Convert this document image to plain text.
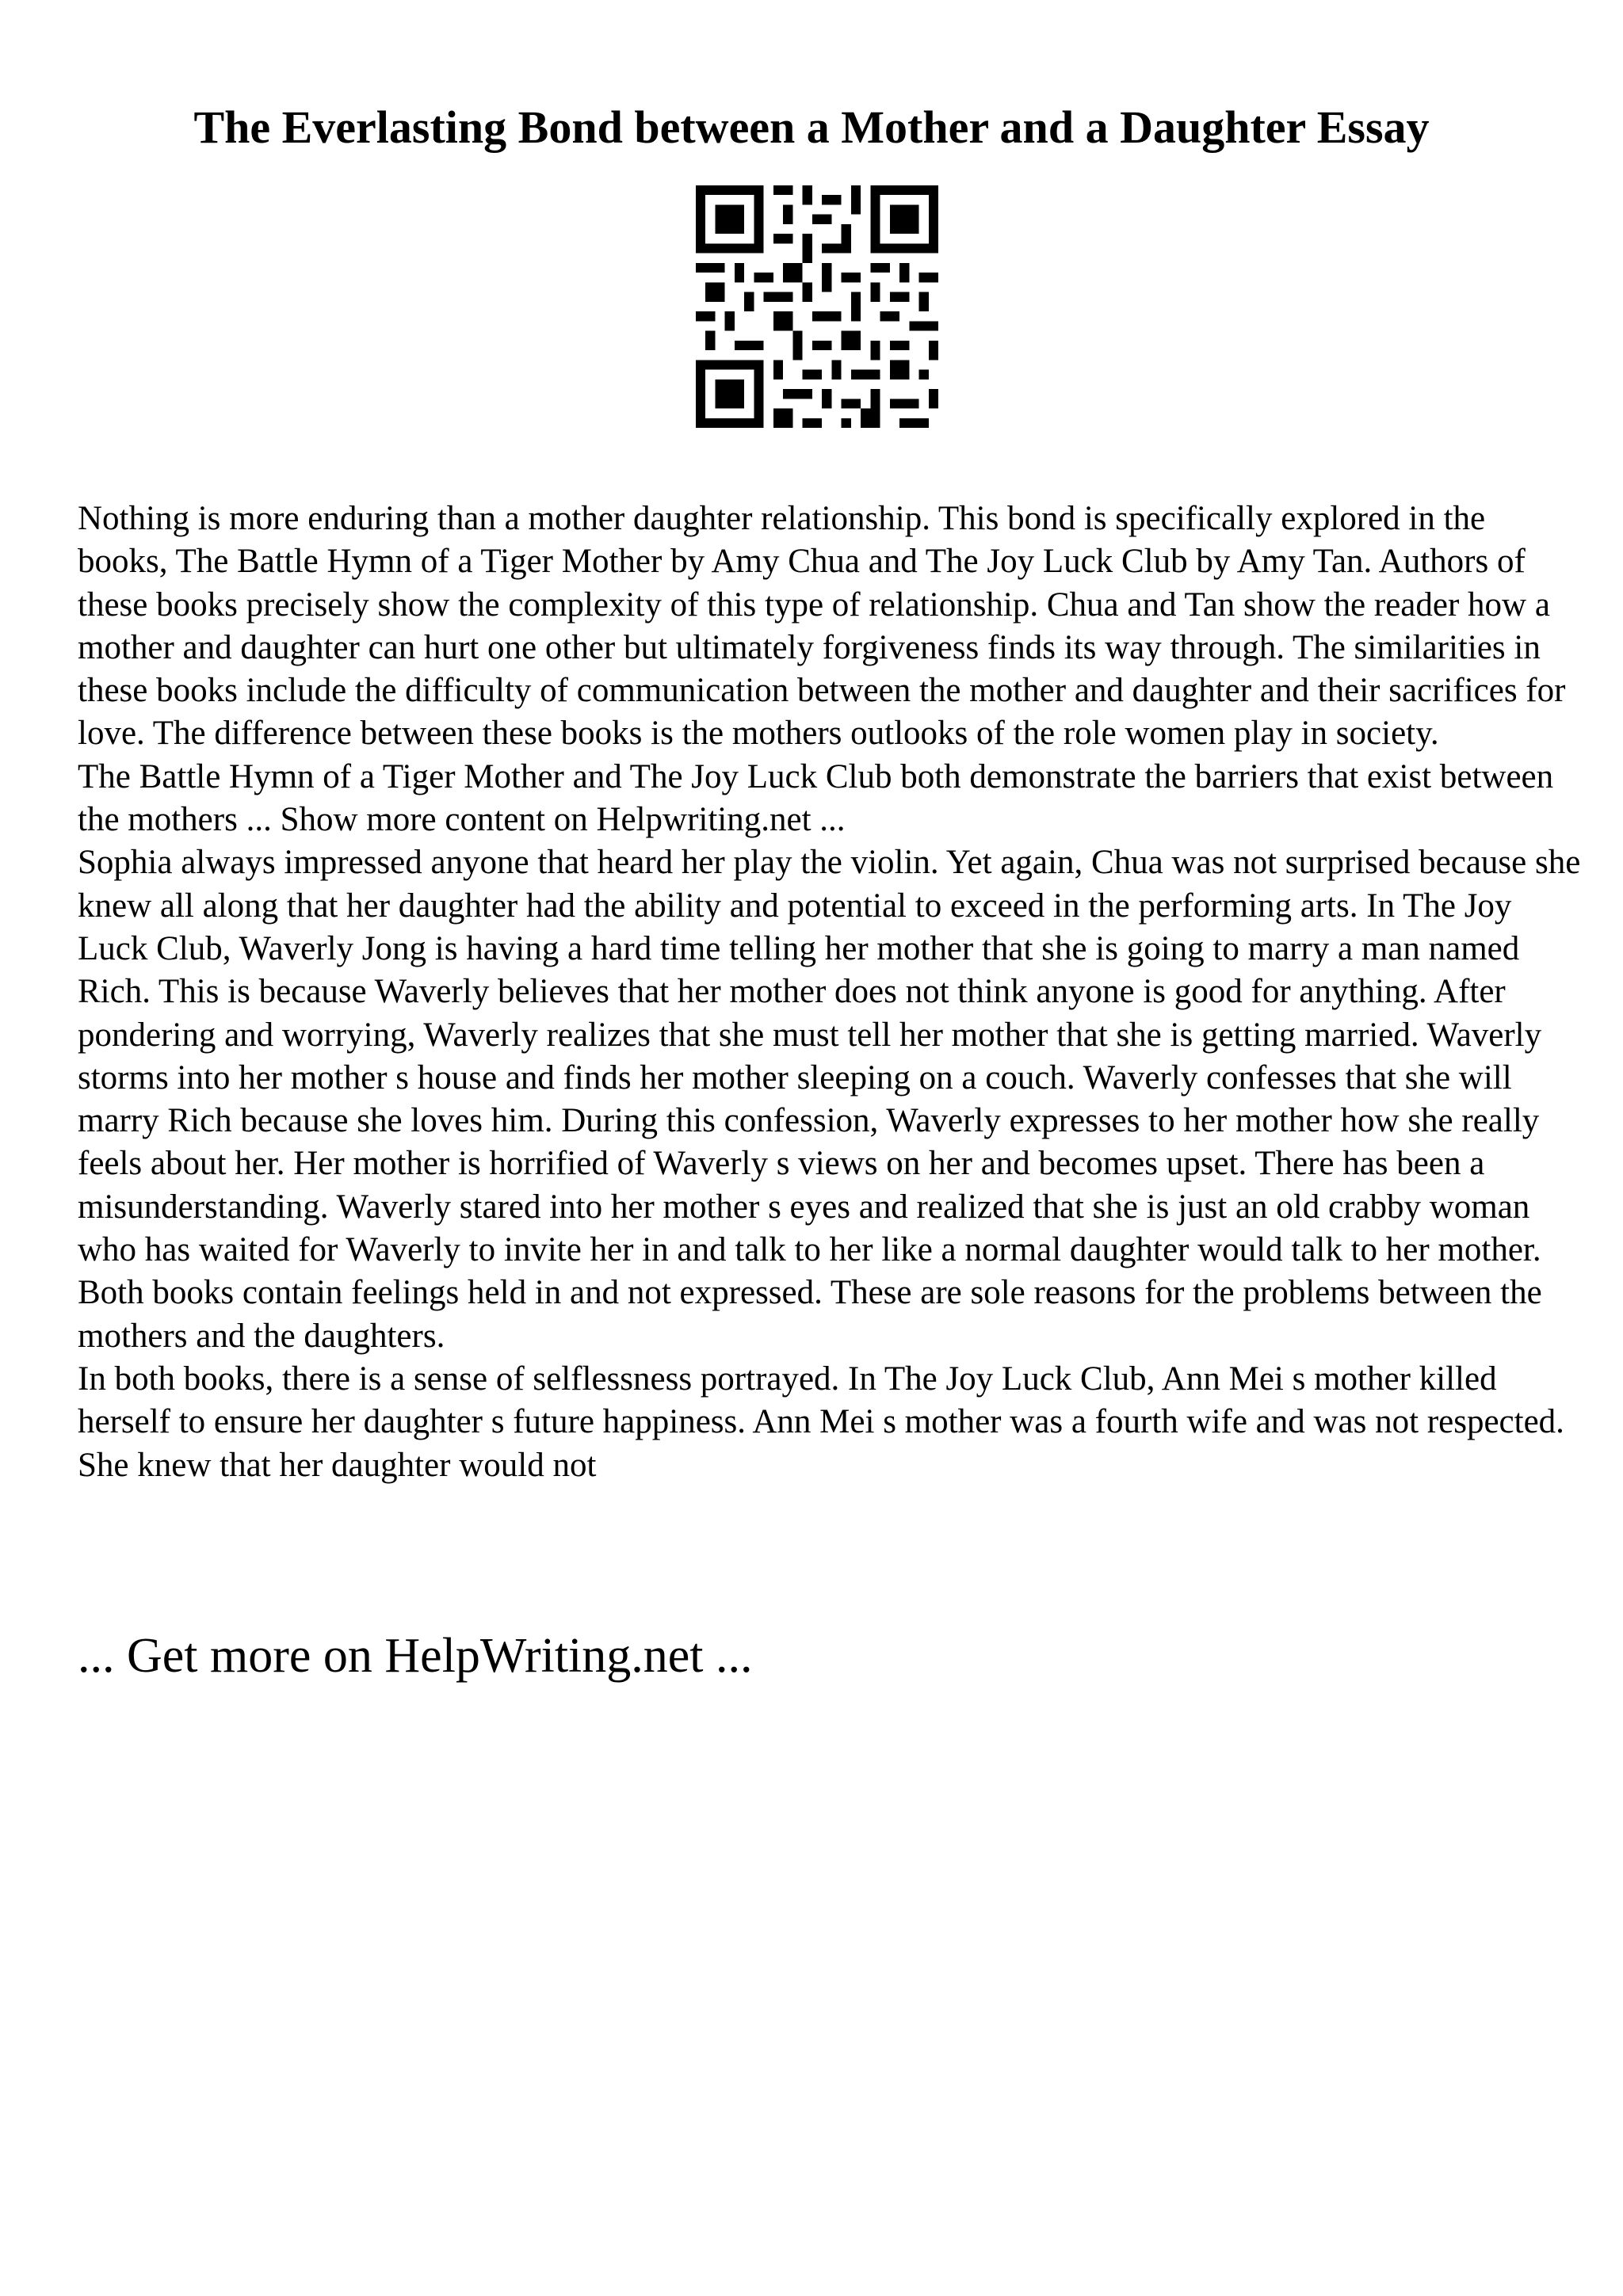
The Everlasting Bond between a Mother and a Daughter Essay

Nothing is more enduring than a mother daughter relationship. This bond is specifically explored in the books, The Battle Hymn of a Tiger Mother by Amy Chua and The Joy Luck Club by Amy Tan. Authors of these books precisely show the complexity of this type of relationship. Chua and Tan show the reader how a mother and daughter can hurt one other but ultimately forgiveness finds its way through. The similarities in these books include the difficulty of communication between the mother and daughter and their sacrifices for love. The difference between these books is the mothers outlooks of the role women play in society.

The Battle Hymn of a Tiger Mother and The Joy Luck Club both demonstrate the barriers that exist between the mothers ... Show more content on Helpwriting.net ...

Sophia always impressed anyone that heard her play the violin. Yet again, Chua was not surprised because she knew all along that her daughter had the ability and potential to exceed in the performing arts. In The Joy Luck Club, Waverly Jong is having a hard time telling her mother that she is going to marry a man named Rich. This is because Waverly believes that her mother does not think anyone is good for anything. After pondering and worrying, Waverly realizes that she must tell her mother that she is getting married. Waverly storms into her mother s house and finds her mother sleeping on a couch. Waverly confesses that she will marry Rich because she loves him. During this confession, Waverly expresses to her mother how she really feels about her. Her mother is horrified of Waverly s views on her and becomes upset. There has been a misunderstanding. Waverly stared into her mother s eyes and realized that she is just an old crabby woman who has waited for Waverly to invite her in and talk to her like a normal daughter would talk to her mother. Both books contain feelings held in and not expressed. These are sole reasons for the problems between the mothers and the daughters.

In both books, there is a sense of selflessness portrayed. In The Joy Luck Club, Ann Mei s mother killed herself to ensure her daughter s future happiness. Ann Mei s mother was a fourth wife and was not respected. She knew that her daughter would not

... Get more on HelpWriting.net ...
